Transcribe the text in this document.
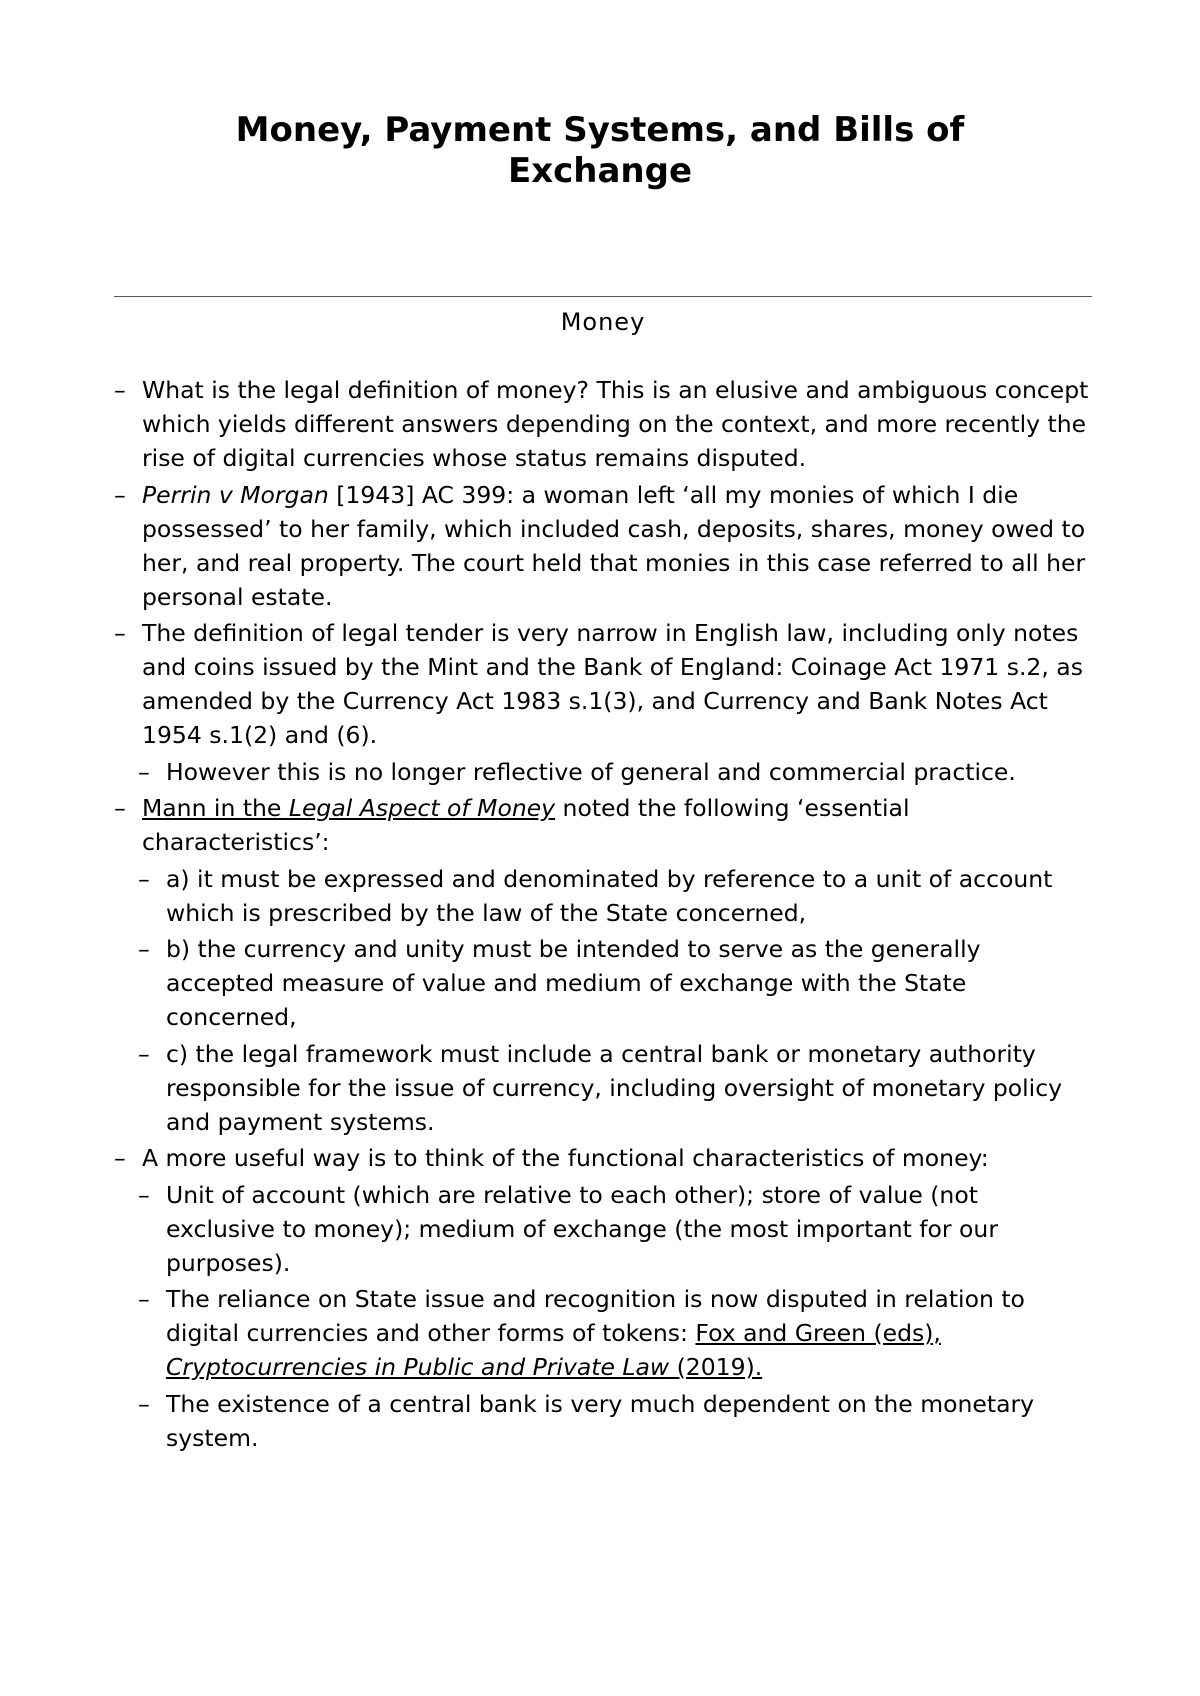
Money, Payment Systems, and Bills of
Exchange
Money
– What is the legal definition of money? This is an elusive and ambiguous concept which yields different answers depending on the context, and more recently the rise of digital currencies whose status remains disputed.
– Perrin v Morgan [1943] AC 399: a woman left ‘all my monies of which I die possessed’ to her family, which included cash, deposits, shares, money owed to her, and real property. The court held that monies in this case referred to all her personal estate.
– The definition of legal tender is very narrow in English law, including only notes and coins issued by the Mint and the Bank of England: Coinage Act 1971 s.2, as amended by the Currency Act 1983 s.1(3), and Currency and Bank Notes Act 1954 s.1(2) and (6).
– However this is no longer reflective of general and commercial practice.
– Mann in the Legal Aspect of Money noted the following ‘essential characteristics’:
– a) it must be expressed and denominated by reference to a unit of account which is prescribed by the law of the State concerned,
– b) the currency and unity must be intended to serve as the generally accepted measure of value and medium of exchange with the State concerned,
– c) the legal framework must include a central bank or monetary authority responsible for the issue of currency, including oversight of monetary policy and payment systems.
– A more useful way is to think of the functional characteristics of money:
– Unit of account (which are relative to each other); store of value (not exclusive to money); medium of exchange (the most important for our purposes).
– The reliance on State issue and recognition is now disputed in relation to digital currencies and other forms of tokens: Fox and Green (eds), Cryptocurrencies in Public and Private Law (2019).
– The existence of a central bank is very much dependent on the monetary system.
